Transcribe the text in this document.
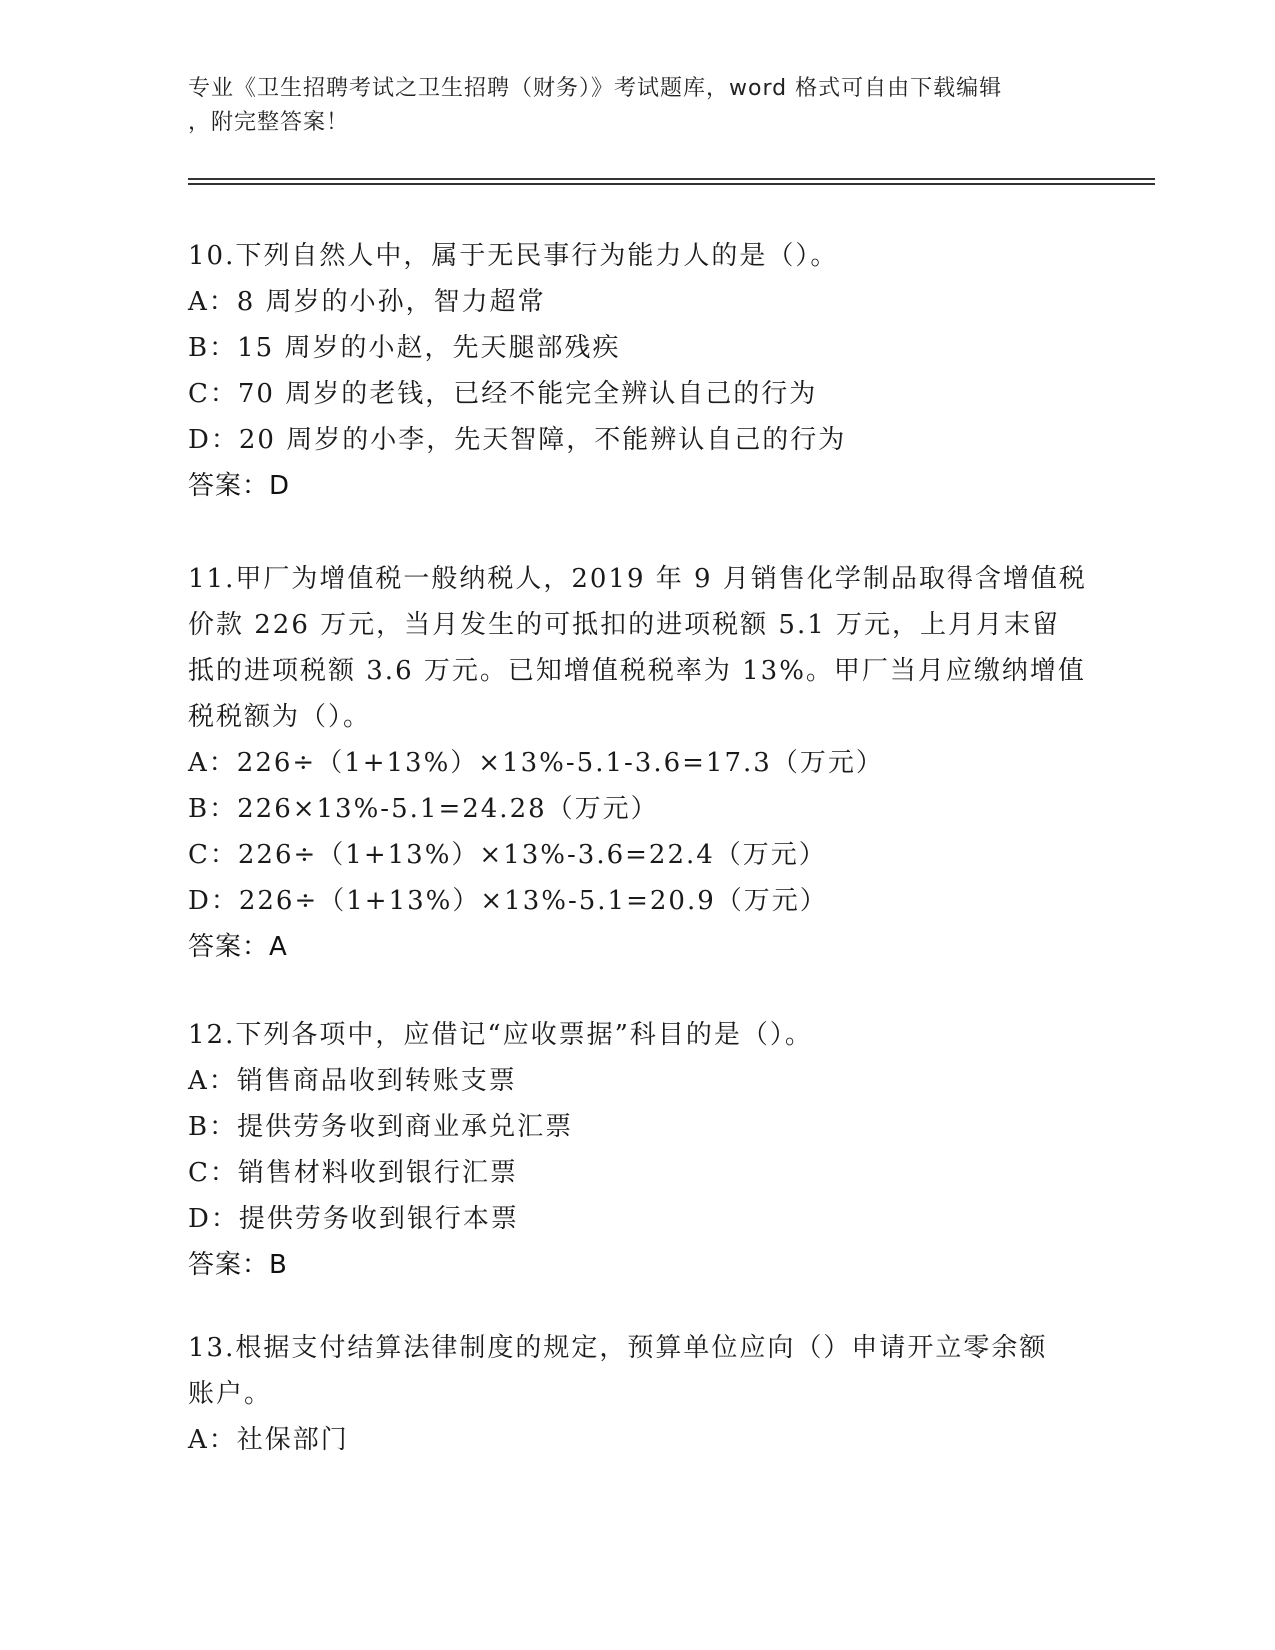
专业《卫生招聘考试之卫生招聘（财务）》考试题库，word 格式可自由下载编辑
，附完整答案！
10.下列自然人中，属于无民事行为能力人的是（）。
A：8 周岁的小孙，智力超常
B：15 周岁的小赵，先天腿部残疾
C：70 周岁的老钱，已经不能完全辨认自己的行为
D：20 周岁的小李，先天智障，不能辨认自己的行为
答案：D
11.甲厂为增值税一般纳税人，2019 年 9 月销售化学制品取得含增值税
价款 226 万元，当月发生的可抵扣的进项税额 5.1 万元，上月月末留
抵的进项税额 3.6 万元。已知增值税税率为 13%。甲厂当月应缴纳增值
税税额为（）。
A：226÷（1+13%）×13%-5.1-3.6=17.3（万元）
B：226×13%-5.1=24.28（万元）
C：226÷（1+13%）×13%-3.6=22.4（万元）
D：226÷（1+13%）×13%-5.1=20.9（万元）
答案：A
12.下列各项中，应借记“应收票据”科目的是（）。
A：销售商品收到转账支票
B：提供劳务收到商业承兑汇票
C：销售材料收到银行汇票
D：提供劳务收到银行本票
答案：B
13.根据支付结算法律制度的规定，预算单位应向（）申请开立零余额
账户。
A：社保部门
